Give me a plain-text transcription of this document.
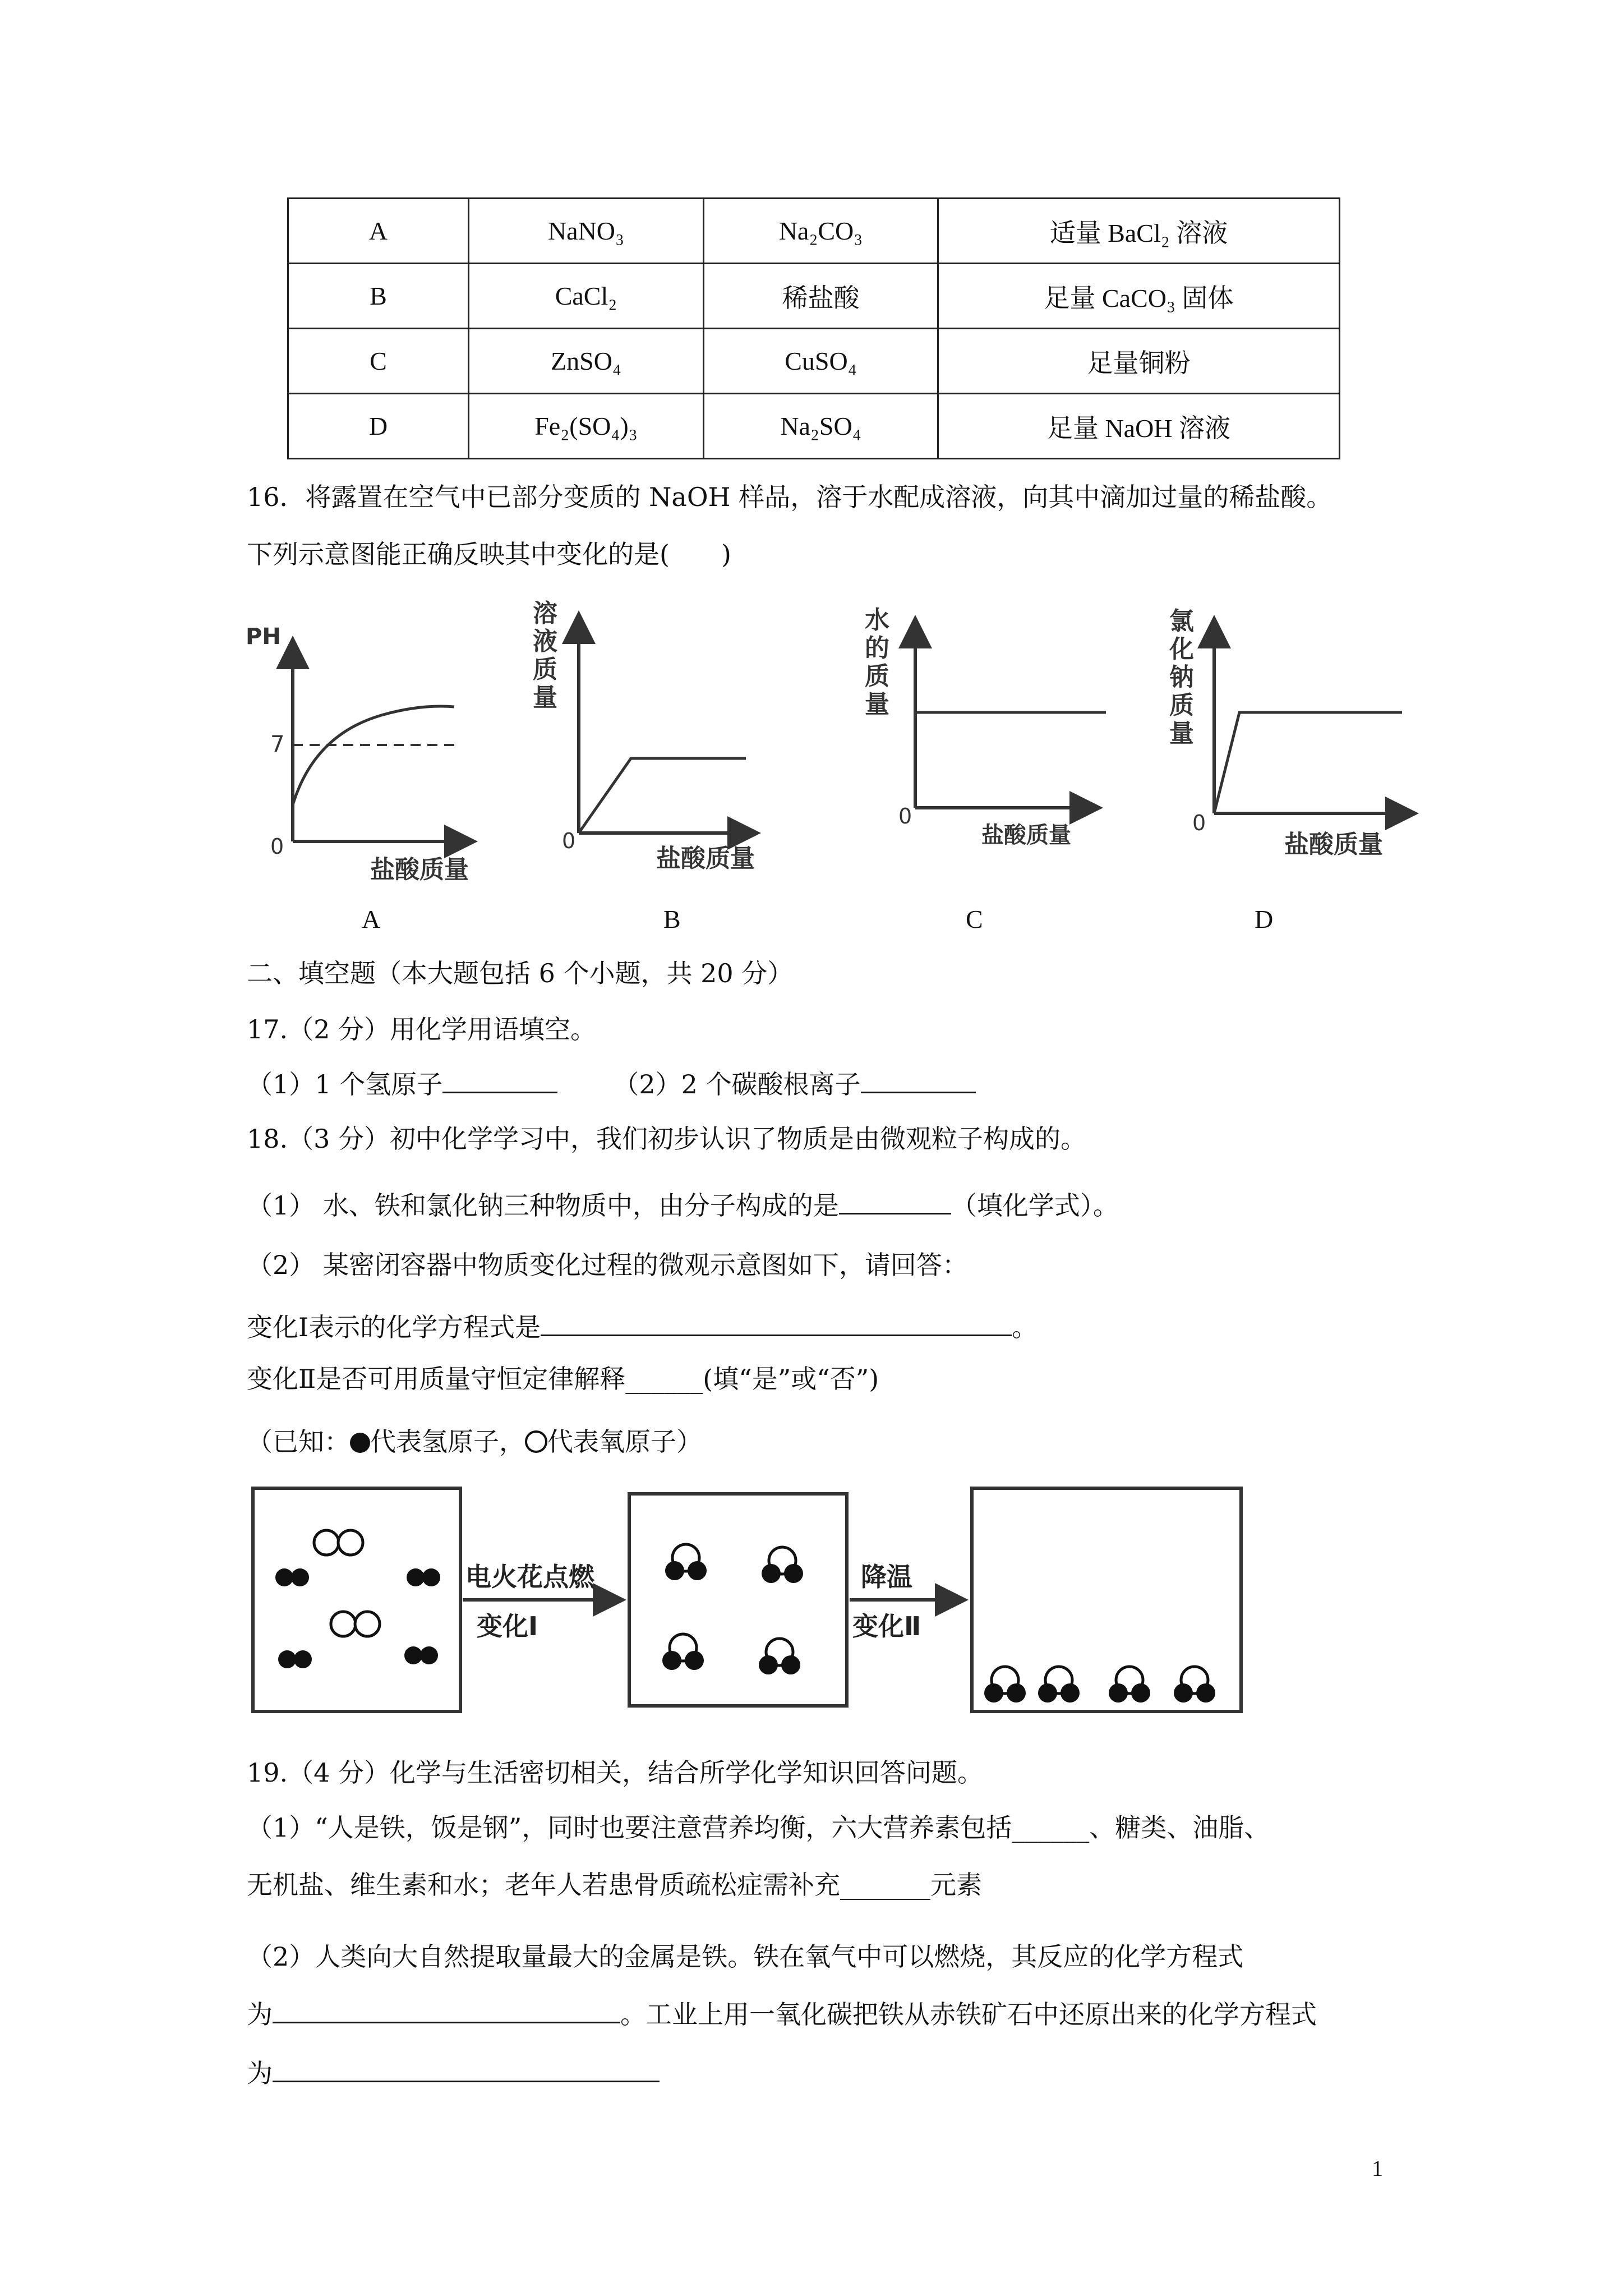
A	NaNO₃	Na₂CO₃	适量 BaCl₂ 溶液
B	CaCl₂	稀盐酸	足量 CaCO₃ 固体
C	ZnSO₄	CuSO₄	足量铜粉
D	Fe₂(SO₄)₃	Na₂SO₄	足量 NaOH 溶液
16．将露置在空气中已部分变质的 NaOH 样品，溶于水配成溶液，向其中滴加过量的稀盐酸。
下列示意图能正确反映其中变化的是(　　)
PH
7
0
盐酸质量
溶
液
质
量
0
盐酸质量
水
的
质
量
0
盐酸质量
氯
化
钠
质
量
0
盐酸质量
A	B	C	D
二、填空题（本大题包括 6 个小题，共 20 分）
17.（2 分）用化学用语填空。
（1）1 个氢原子	（2）2 个碳酸根离子
18.（3 分）初中化学学习中，我们初步认识了物质是由微观粒子构成的。
（1） 水、铁和氯化钠三种物质中，由分子构成的是	（填化学式）。
（2） 某密闭容器中物质变化过程的微观示意图如下，请回答：
变化Ⅰ表示的化学方程式是	。
变化Ⅱ是否可用质量守恒定律解释______(填“是”或“否”)
（已知： 代表氢原子， 代表氧原子）
电火花点燃
变化Ⅰ
降温
变化Ⅱ
19.（4 分）化学与生活密切相关，结合所学化学知识回答问题。
（1）“人是铁，饭是钢”，同时也要注意营养均衡，六大营养素包括______、糖类、油脂、
无机盐、维生素和水；老年人若患骨质疏松症需补充_______元素
（2）人类向大自然提取量最大的金属是铁。铁在氧气中可以燃烧，其反应的化学方程式
为	。工业上用一氧化碳把铁从赤铁矿石中还原出来的化学方程式
为
1
